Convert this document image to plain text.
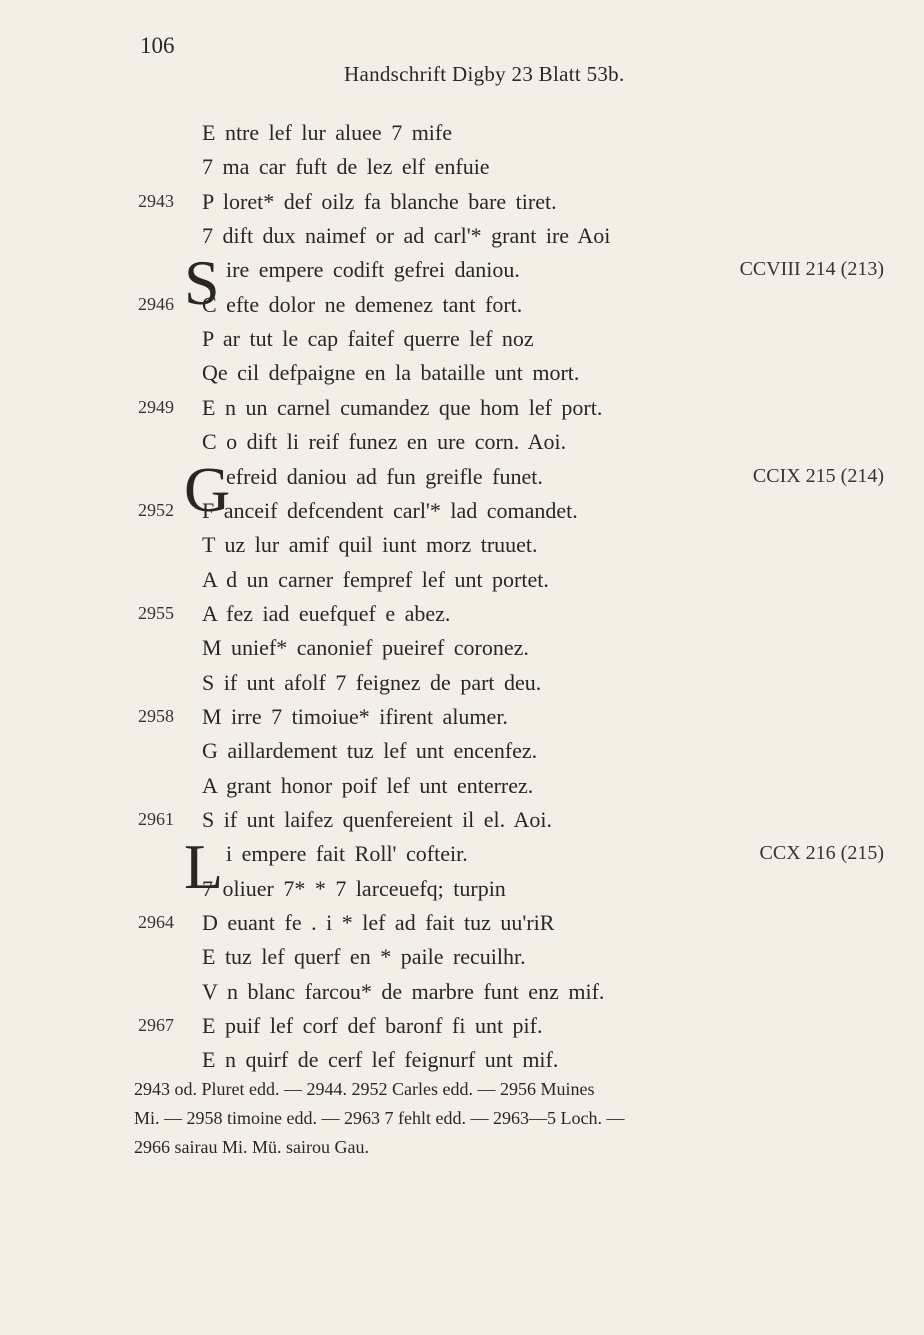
106
Handschrift Digby 23 Blatt 53b.
E ntre lef lur aluee 7 mife
7 ma car fuft de lez elf enfuie
2943	P loret* def oilz fa blanche bare tiret.
7 dift dux naimef or ad carl'* grant ire Aoi
S ire empere codift gefrei daniou.	CCVIII 214 (213)
2946	C efte dolor ne demenez tant fort.
P ar tut le cap faitef querre lef noz
Qe cil defpaigne en la bataille unt mort.
2949	E n un carnel cumandez que hom lef port.
C o dift li reif funez en ure corn. Aoi.
G
efreid daniou ad fun greifle funet.	CCIX 215 (214)
2952	F anceif defcendent carl'* lad comandet.
T uz lur amif quil iunt morz truuet.
A d un carner fempref lef unt portet.
2955	A fez iad euefquef e abez.
M unief* canonief pueiref coronez.
S if unt afolf 7 feignez de part deu.
2958	M irre 7 timoiue* ifirent alumer.
G aillardement tuz lef unt encenfez.
A grant honor poif lef unt enterrez.
2961	S if unt laifez quenfereient il el. Aoi.
L i empere fait Roll' cofteir.	CCX 216 (215)
7 oliuer 7* * 7 larceuefq; turpin
2964	D euant fe . i * lef ad fait tuz uu'riR
E tuz lef querf en * paile recuilhr.
V n blanc farcou* de marbre funt enz mif.
2967	E puif lef corf def baronf fi unt pif.
E n quirf de cerf lef feignurf unt mif.
2943 od. Pluret edd. — 2944. 2952 Carles edd. — 2956 Muines
Mi. — 2958 timoine edd. — 2963 7 fehlt edd. — 2963—5 Loch. —
2966 sairau Mi. Mü. sairou Gau.
